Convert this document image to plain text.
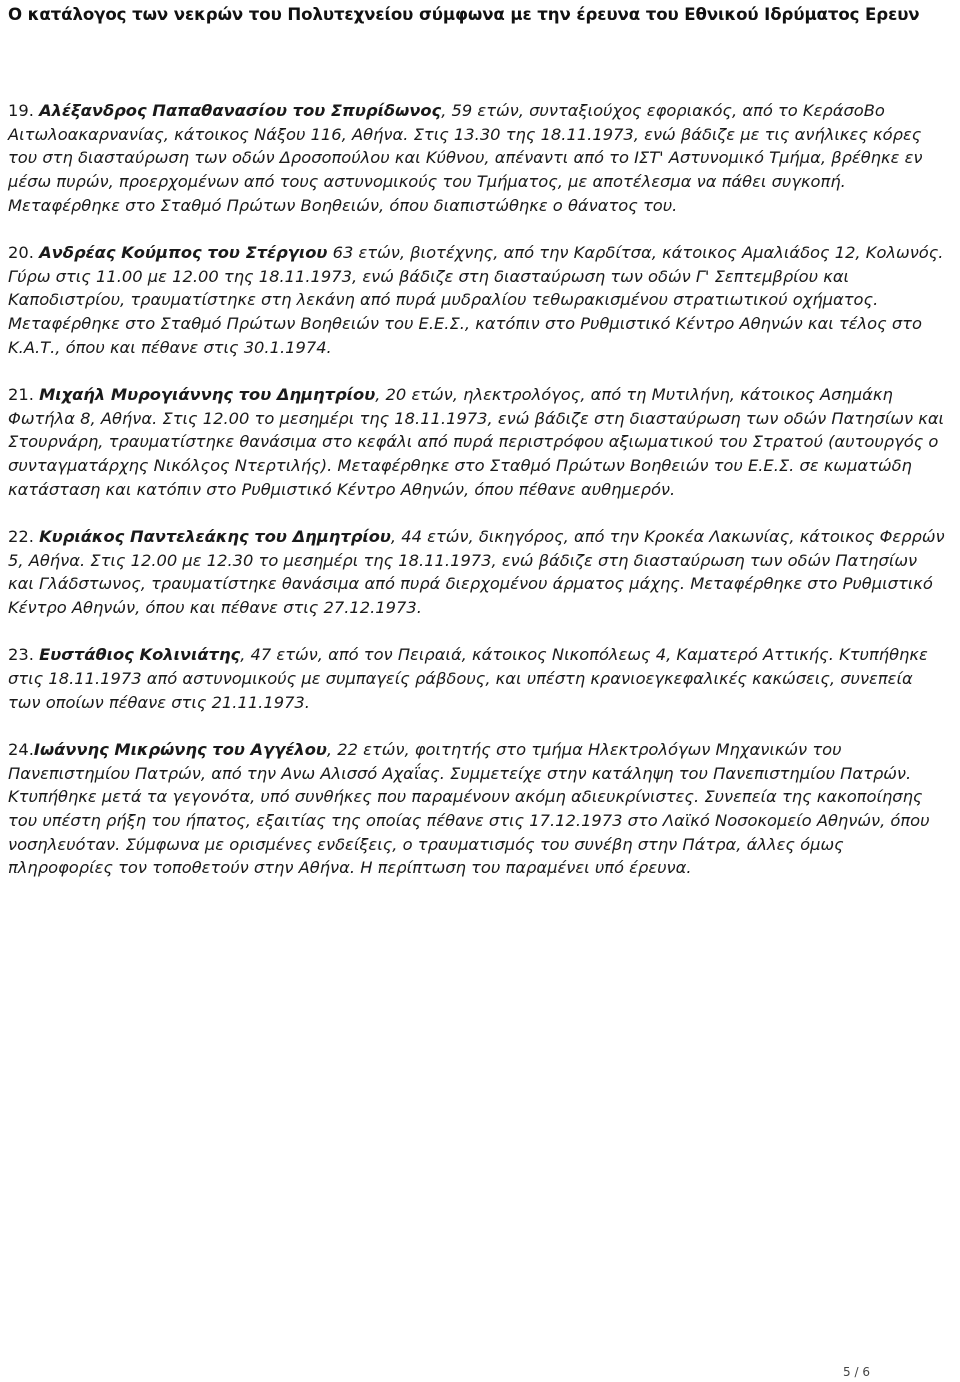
Ο κατάλογος των νεκρών του Πολυτεχνείου σύμφωνα με την έρευνα του Εθνικού Ιδρύματος Ερευν

19. Αλέξανδρος Παπαθανασίου του Σπυρίδωνος, 59 ετών, συνταξιούχος εφοριακός, από το ΚεράσοBo Αιτωλοακαρνανίας, κάτοικος Νάξου 116, Αθήνα. Στις 13.30 της 18.11.1973, ενώ βάδιζε με τις ανήλικες κόρες του στη διασταύρωση των οδών Δροσοπούλου και Κύθνου, απέναντι από το ΙΣΤ' Αστυνομικό Τμήμα, βρέθηκε εν μέσω πυρών, προερχομένων από τους αστυνομικούς του Τμήματος, με αποτέλεσμα να πάθει συγκοπή. Μεταφέρθηκε στο Σταθμό Πρώτων Βοηθειών, όπου διαπιστώθηκε ο θάνατος του.

20. Ανδρέας Κούμπος του Στέργιου 63 ετών, βιοτέχνης, από την Καρδίτσα, κάτοικος Αμαλιάδος 12, Κολωνός. Γύρω στις 11.00 με 12.00 της 18.11.1973, ενώ βάδιζε στη διασταύρωση των οδών Γ' Σεπτεμβρίου και Καποδιστρίου, τραυματίστηκε στη λεκάνη από πυρά μυδραλίου τεθωρακισμένου στρατιωτικού οχήματος. Μεταφέρθηκε στο Σταθμό Πρώτων Βοηθειών του Ε.Ε.Σ., κατόπιν στο Ρυθμιστικό Κέντρο Αθηνών και τέλος στο Κ.Α.Τ., όπου και πέθανε στις 30.1.1974.

21. Μιχαήλ Μυρογιάννης του Δημητρίου, 20 ετών, ηλεκτρολόγος, από τη Μυτιλήνη, κάτοικος Ασημάκη Φωτήλα 8, Αθήνα. Στις 12.00 το μεσημέρι της 18.11.1973, ενώ βάδιζε στη διασταύρωση των οδών Πατησίων και Στουρνάρη, τραυματίστηκε θανάσιμα στο κεφάλι από πυρά περιστρόφου αξιωματικού του Στρατού (αυτουργός ο συνταγματάρχης Νικόλςος Ντερτιλής). Μεταφέρθηκε στο Σταθμό Πρώτων Βοηθειών του Ε.Ε.Σ. σε κωματώδη κατάσταση και κατόπιν στο Ρυθμιστικό Κέντρο Αθηνών, όπου πέθανε αυθημερόν.

22. Κυριάκος Παντελεάκης του Δημητρίου, 44 ετών, δικηγόρος, από την Κροκέα Λακωνίας, κάτοικος Φερρών 5, Αθήνα. Στις 12.00 με 12.30 το μεσημέρι της 18.11.1973, ενώ βάδιζε στη διασταύρωση των οδών Πατησίων και Γλάδστωνος, τραυματίστηκε θανάσιμα από πυρά διερχομένου άρματος μάχης. Μεταφέρθηκε στο Ρυθμιστικό Κέντρο Αθηνών, όπου και πέθανε στις 27.12.1973.

23. Ευστάθιος Κολινιάτης, 47 ετών, από τον Πειραιά, κάτοικος Νικοπόλεως 4, Καματερό Αττικής. Κτυπήθηκε στις 18.11.1973 από αστυνομικούς με συμπαγείς ράβδους, και υπέστη κρανιοεγκεφαλικές κακώσεις, συνεπεία των οποίων πέθανε στις 21.11.1973.

24.Ιωάννης Μικρώνης του Αγγέλου, 22 ετών, φοιτητής στο τμήμα Ηλεκτρολόγων Μηχανικών του Πανεπιστημίου Πατρών, από την Ανω Αλισσό Αχαΐας. Συμμετείχε στην κατάληψη του Πανεπιστημίου Πατρών. Κτυπήθηκε μετά τα γεγονότα, υπό συνθήκες που παραμένουν ακόμη αδιευκρίνιστες. Συνεπεία της κακοποίησης του υπέστη ρήξη του ήπατος, εξαιτίας της οποίας πέθανε στις 17.12.1973 στο Λαϊκό Νοσοκομείο Αθηνών, όπου νοσηλευόταν. Σύμφωνα με ορισμένες ενδείξεις, ο τραυματισμός του συνέβη στην Πάτρα, άλλες όμως πληροφορίες τον τοποθετούν στην Αθήνα. Η περίπτωση του παραμένει υπό έρευνα.

5 / 6
